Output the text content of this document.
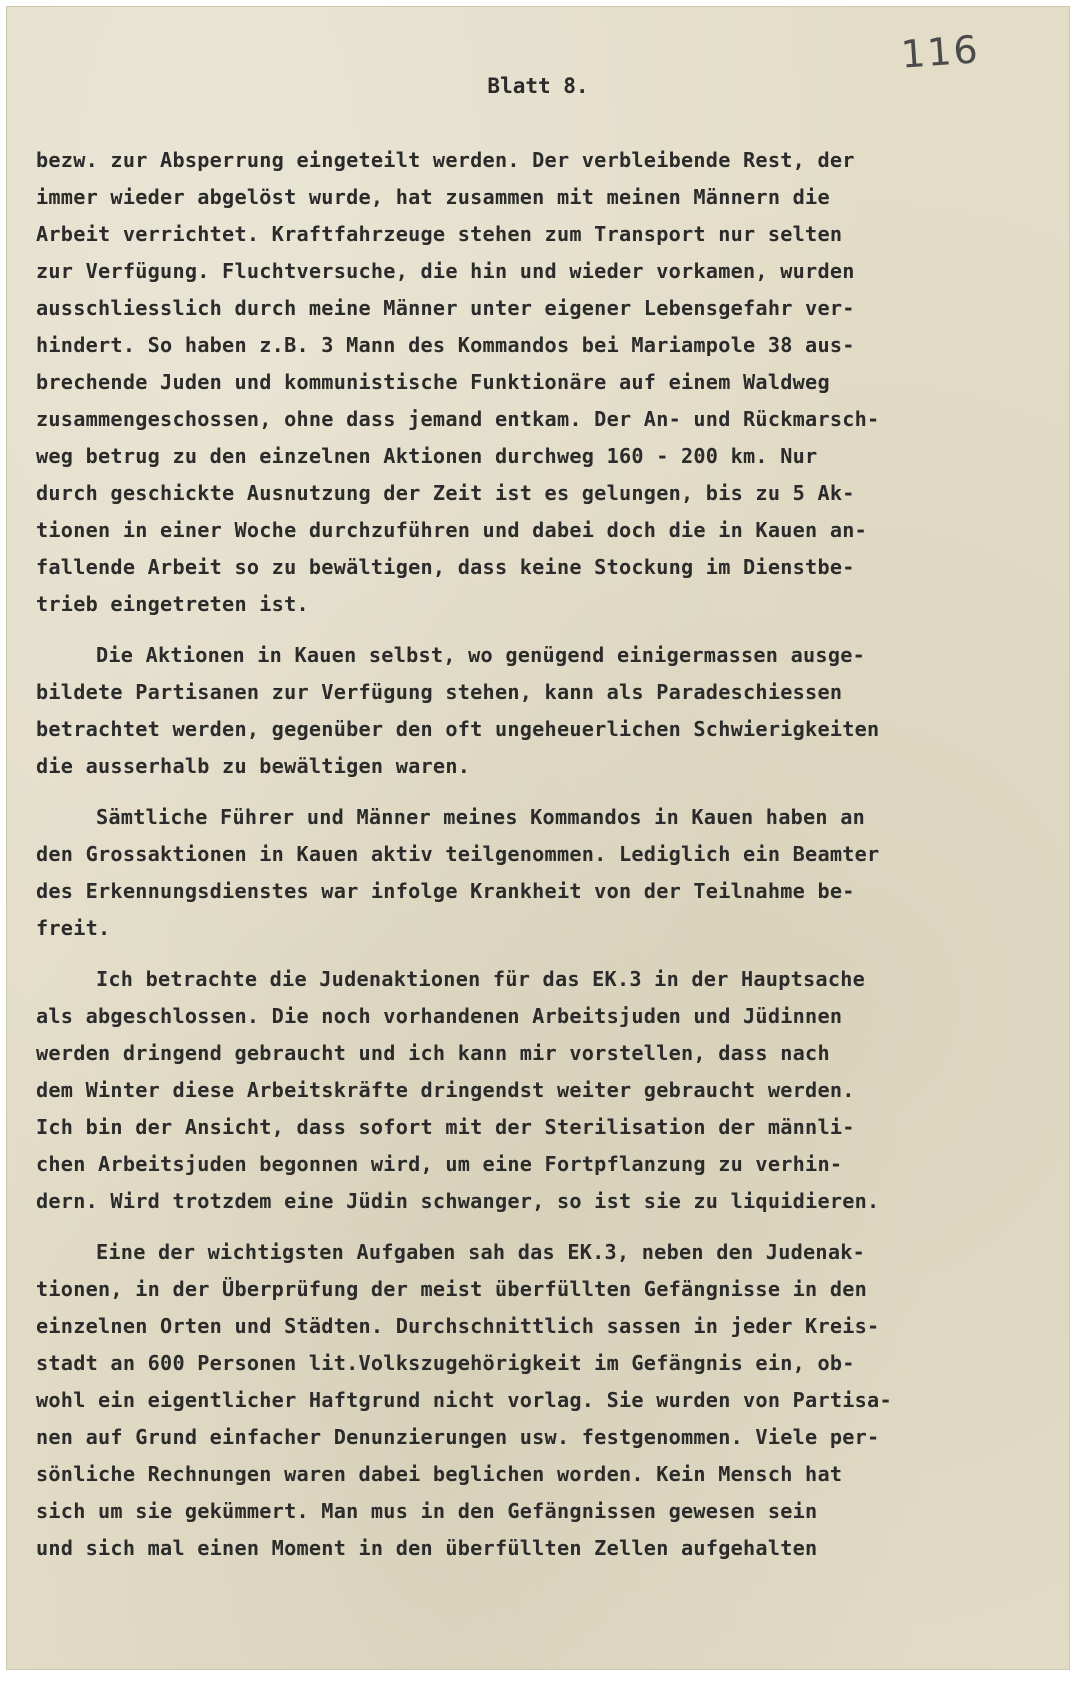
116
Blatt 8.
bezw. zur Absperrung eingeteilt werden. Der verbleibende Rest, der
immer wieder abgelöst wurde, hat zusammen mit meinen Männern die
Arbeit verrichtet. Kraftfahrzeuge stehen zum Transport nur selten
zur Verfügung. Fluchtversuche, die hin und wieder vorkamen, wurden
ausschliesslich durch meine Männer unter eigener Lebensgefahr ver-
hindert. So haben z.B. 3 Mann des Kommandos bei Mariampole 38 aus-
brechende Juden und kommunistische Funktionäre auf einem Waldweg
zusammengeschossen, ohne dass jemand entkam. Der An- und Rückmarsch-
weg betrug zu den einzelnen Aktionen durchweg 160 - 200 km. Nur
durch geschickte Ausnutzung der Zeit ist es gelungen, bis zu 5 Ak-
tionen in einer Woche durchzuführen und dabei doch die in Kauen an-
fallende Arbeit so zu bewältigen, dass keine Stockung im Dienstbe-
trieb eingetreten ist.
Die Aktionen in Kauen selbst, wo genügend einigermassen ausge-
bildete Partisanen zur Verfügung stehen, kann als Paradeschiessen
betrachtet werden, gegenüber den oft ungeheuerlichen Schwierigkeiten
die ausserhalb zu bewältigen waren.
Sämtliche Führer und Männer meines Kommandos in Kauen haben an
den Grossaktionen in Kauen aktiv teilgenommen. Lediglich ein Beamter
des Erkennungsdienstes war infolge Krankheit von der Teilnahme be-
freit.
Ich betrachte die Judenaktionen für das EK.3 in der Hauptsache
als abgeschlossen. Die noch vorhandenen Arbeitsjuden und Jüdinnen
werden dringend gebraucht und ich kann mir vorstellen, dass nach
dem Winter diese Arbeitskräfte dringendst weiter gebraucht werden.
Ich bin der Ansicht, dass sofort mit der Sterilisation der männli-
chen Arbeitsjuden begonnen wird, um eine Fortpflanzung zu verhin-
dern. Wird trotzdem eine Jüdin schwanger, so ist sie zu liquidieren.
Eine der wichtigsten Aufgaben sah das EK.3, neben den Judenak-
tionen, in der Überprüfung der meist überfüllten Gefängnisse in den
einzelnen Orten und Städten. Durchschnittlich sassen in jeder Kreis-
stadt an 600 Personen lit.Volkszugehörigkeit im Gefängnis ein, ob-
wohl ein eigentlicher Haftgrund nicht vorlag. Sie wurden von Partisa-
nen auf Grund einfacher Denunzierungen usw. festgenommen. Viele per-
sönliche Rechnungen waren dabei beglichen worden. Kein Mensch hat
sich um sie gekümmert. Man mus in den Gefängnissen gewesen sein
und sich mal einen Moment in den überfüllten Zellen aufgehalten
